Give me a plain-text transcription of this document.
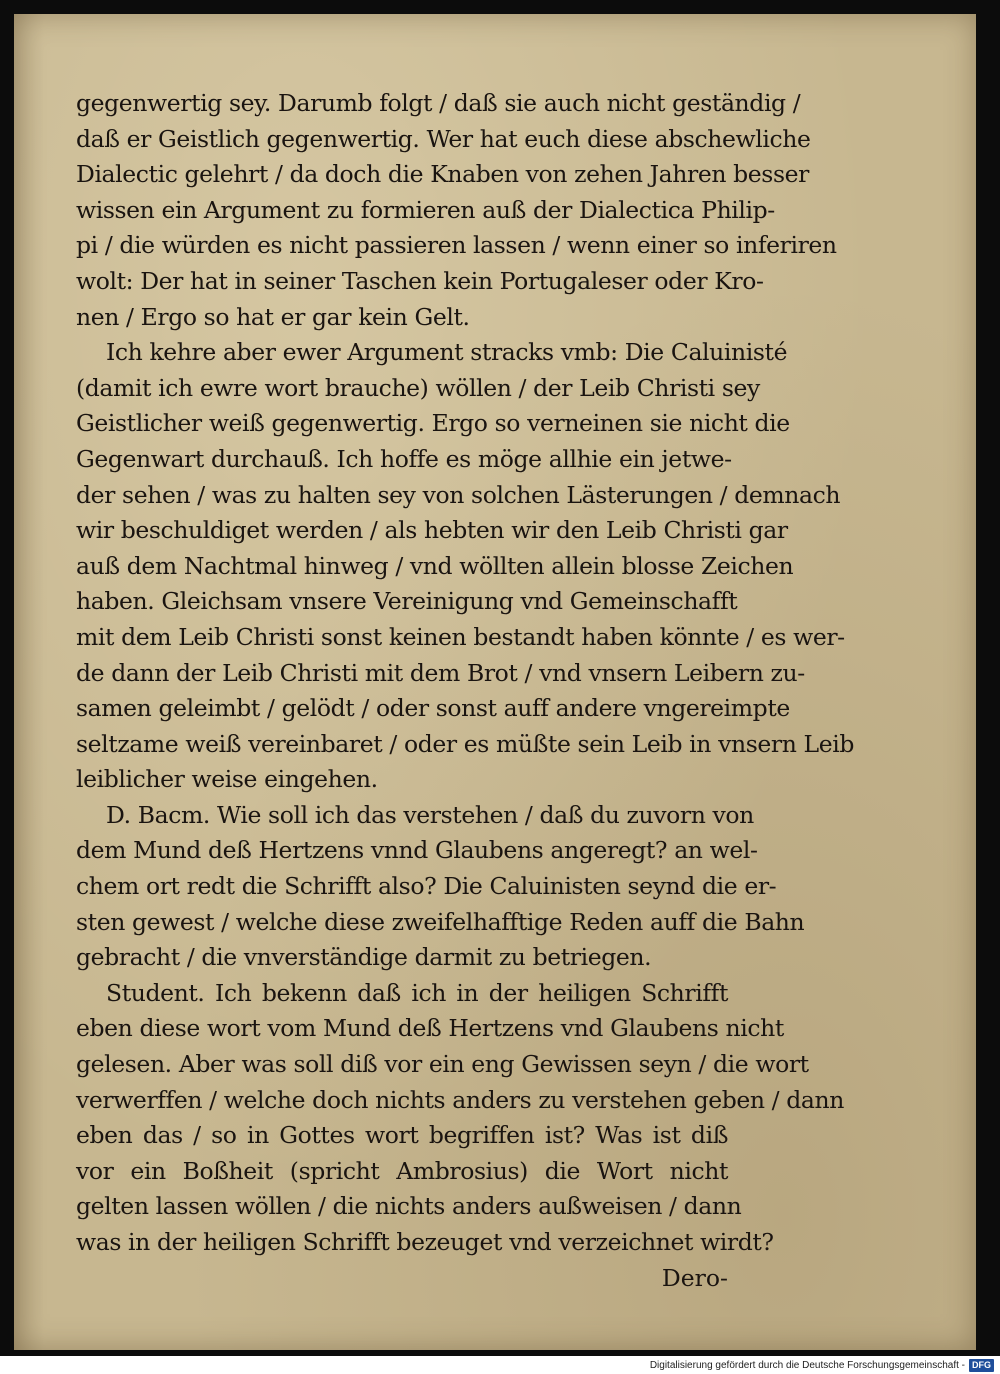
gegenwertig sey. Darumb folgt / daß sie auch nicht geständig /
daß er Geistlich gegenwertig. Wer hat euch diese abschewliche
Dialectic gelehrt / da doch die Knaben von zehen Jahren besser
wissen ein Argument zu formieren auß der Dialectica Philip-
pi / die würden es nicht passieren lassen / wenn einer so inferiren
wolt: Der hat in seiner Taschen kein Portugaleser oder Kro-
nen / Ergo so hat er gar kein Gelt.
Ich kehre aber ewer Argument stracks vmb: Die Caluinisté
(damit ich ewre wort brauche) wöllen / der Leib Christi sey
Geistlicher weiß gegenwertig. Ergo so verneinen sie nicht die
Gegenwart durchauß. Ich hoffe es möge allhie ein jetwe-
der sehen / was zu halten sey von solchen Lästerungen / demnach
wir beschuldiget werden / als hebten wir den Leib Christi gar
auß dem Nachtmal hinweg / vnd wöllten allein blosse Zeichen
haben. Gleichsam vnsere Vereinigung vnd Gemeinschafft
mit dem Leib Christi sonst keinen bestandt haben könnte / es wer-
de dann der Leib Christi mit dem Brot / vnd vnsern Leibern zu-
samen geleimbt / gelödt / oder sonst auff andere vngereimpte
seltzame weiß vereinbaret / oder es müßte sein Leib in vnsern Leib
leiblicher weise eingehen.
D. Bacm. Wie soll ich das verstehen / daß du zuvorn von
dem Mund deß Hertzens vnnd Glaubens angeregt? an wel-
chem ort redt die Schrifft also? Die Caluinisten seynd die er-
sten gewest / welche diese zweifelhafftige Reden auff die Bahn
gebracht / die vnverständige darmit zu betriegen.
Student. Ich bekenn daß ich in der heiligen Schrifft
eben diese wort vom Mund deß Hertzens vnd Glaubens nicht
gelesen. Aber was soll diß vor ein eng Gewissen seyn / die wort
verwerffen / welche doch nichts anders zu verstehen geben / dann
eben das / so in Gottes wort begriffen ist? Was ist diß
vor ein Boßheit (spricht Ambrosius) die Wort nicht
gelten lassen wöllen / die nichts anders außweisen / dann
was in der heiligen Schrifft bezeuget vnd verzeichnet wirdt?
Dero-
Digitalisierung gefördert durch die Deutsche Forschungsgemeinschaft - DFG
